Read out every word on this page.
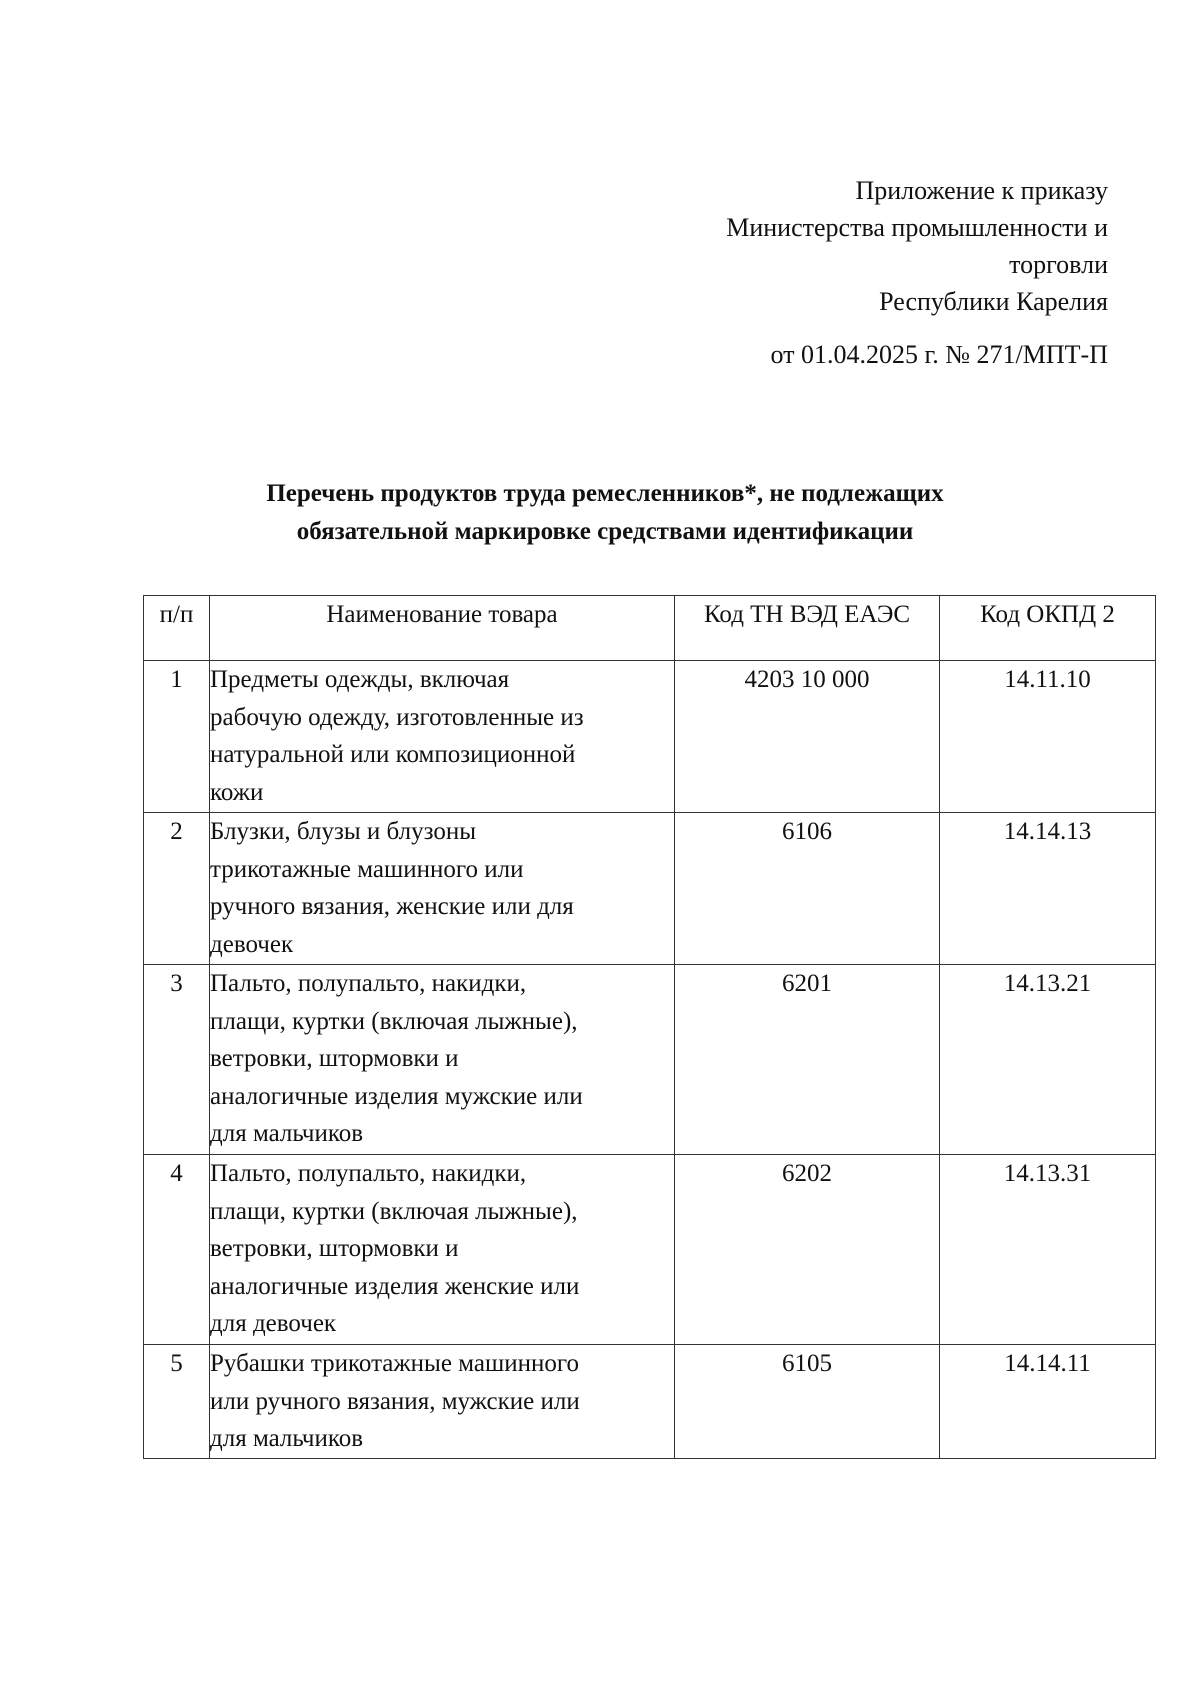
Приложение к приказу
Министерства промышленности и
торговли
Республики Карелия
от 01.04.2025 г. № 271/МПТ-П
Перечень продуктов труда ремесленников*, не подлежащих
обязательной маркировке средствами идентификации
п/п	Наименование товара	Код ТН ВЭД ЕАЭС	Код ОКПД 2
1	Предметы одежды, включая
рабочую одежду, изготовленные из
натуральной или композиционной
кожи	4203 10 000	14.11.10
2	Блузки, блузы и блузоны
трикотажные машинного или
ручного вязания, женские или для
девочек	6106	14.14.13
3	Пальто, полупальто, накидки,
плащи, куртки (включая лыжные),
ветровки, штормовки и
аналогичные изделия мужские или
для мальчиков	6201	14.13.21
4	Пальто, полупальто, накидки,
плащи, куртки (включая лыжные),
ветровки, штормовки и
аналогичные изделия женские или
для девочек	6202	14.13.31
5	Рубашки трикотажные машинного
или ручного вязания, мужские или
для мальчиков	6105	14.14.11
